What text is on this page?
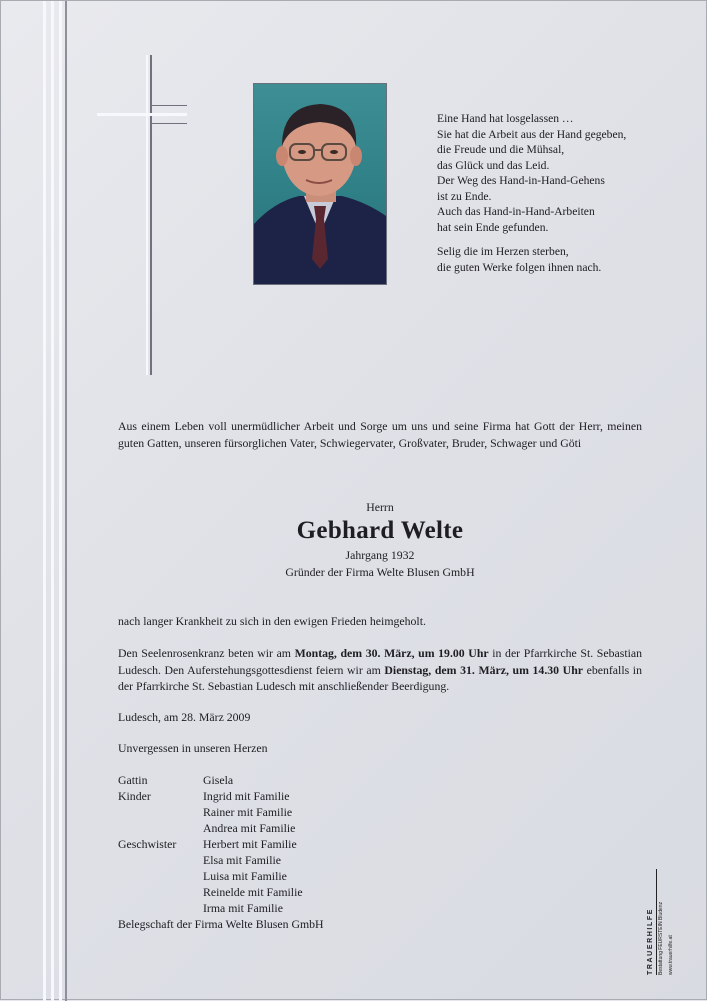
Eine Hand hat losgelassen …
Sie hat die Arbeit aus der Hand gegeben,
die Freude und die Mühsal,
das Glück und das Leid.
Der Weg des Hand-in-Hand-Gehens
ist zu Ende.
Auch das Hand-in-Hand-Arbeiten
hat sein Ende gefunden.
Selig die im Herzen sterben,
die guten Werke folgen ihnen nach.
Aus einem Leben voll unermüdlicher Arbeit und Sorge um uns und seine Firma hat Gott der Herr, meinen guten Gatten, unseren fürsorglichen Vater, Schwiegervater, Großvater, Bruder, Schwager und Göti
Herrn
Gebhard Welte
Jahrgang 1932
Gründer der Firma Welte Blusen GmbH
nach langer Krankheit zu sich in den ewigen Frieden heimgeholt.
Den Seelenrosenkranz beten wir am Montag, dem 30. März, um 19.00 Uhr in der Pfarrkirche St. Sebastian Ludesch. Den Auferstehungsgottesdienst feiern wir am Dienstag, dem 31. März, um 14.30 Uhr ebenfalls in der Pfarrkirche St. Sebastian Ludesch mit anschließender Beerdigung.
Ludesch, am 28. März 2009
Unvergessen in unseren Herzen
Gattin	Gisela
Kinder	Ingrid mit Familie
Rainer mit Familie
Andrea mit Familie
Geschwister	Herbert mit Familie
Elsa mit Familie
Luisa mit Familie
Reinelde mit Familie
Irma mit Familie
Belegschaft der Firma Welte Blusen GmbH	TRAUERHILFE Bestattung FEURSTEIN Bludenz www.trauerhilfe.at
